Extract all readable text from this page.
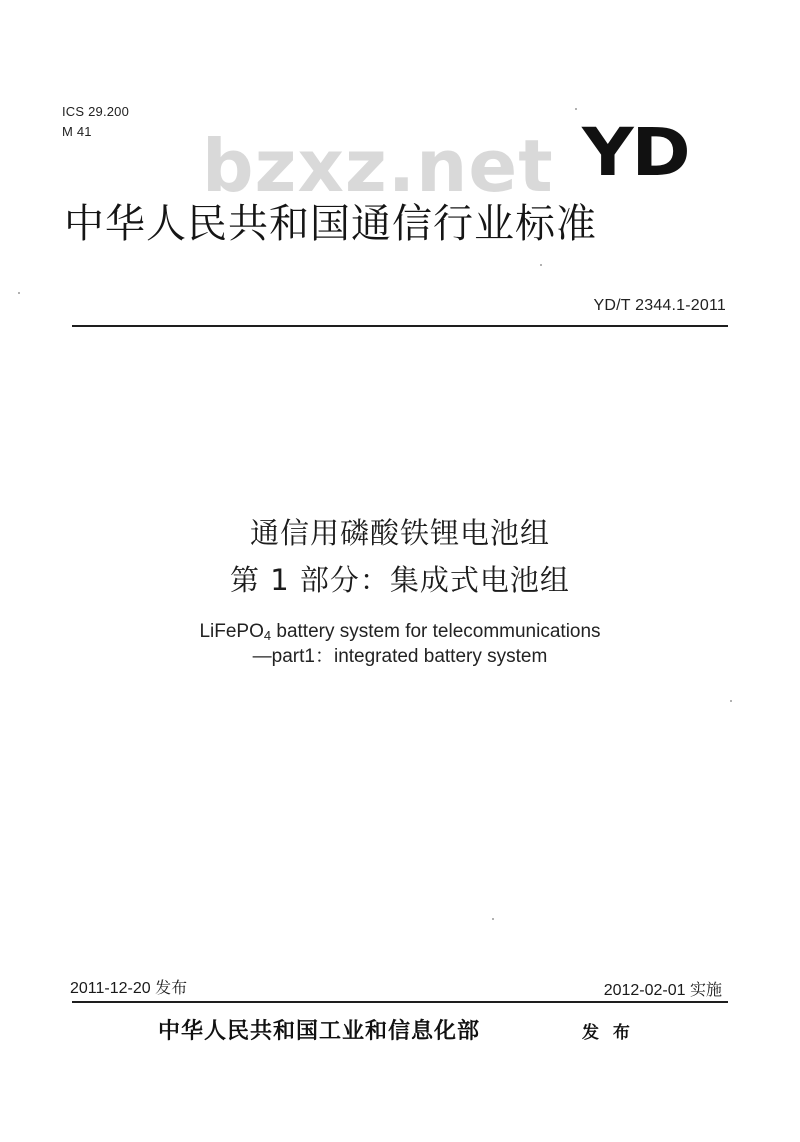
ICS 29.200
M 41 bzxz.net YD
中华人民共和国通信行业标准
YD/T 2344.1-2011
通信用磷酸铁锂电池组
第 1 部分：集成式电池组
LiFePO$_4$ battery system for telecommunications
—part1：integrated battery system
2011-12-20 发布	2012-02-01 实施
中华人民共和国工业和信息化部	发 布
